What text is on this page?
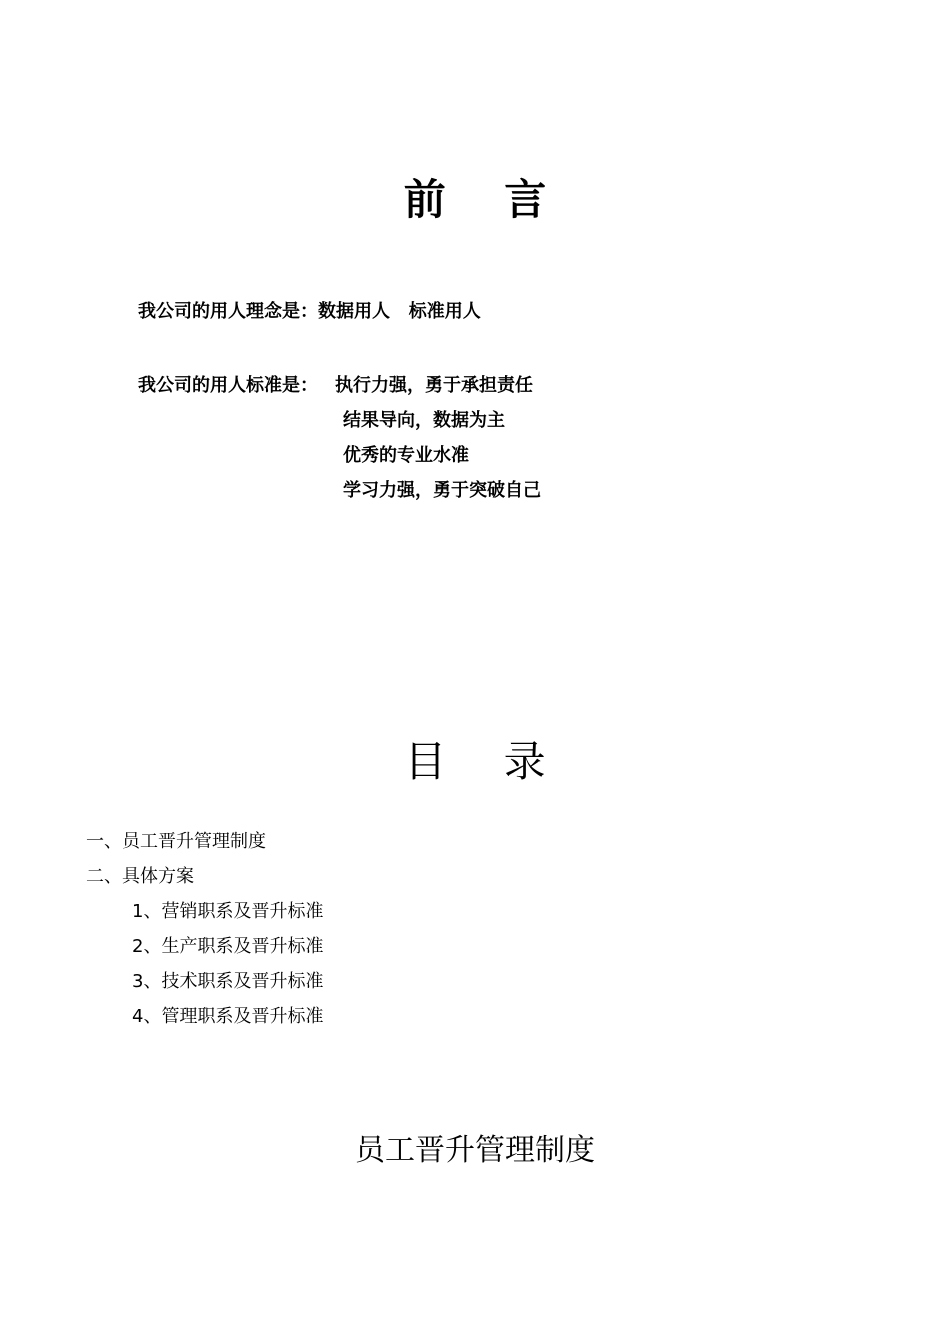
前 言
我公司的用人理念是：数据用人   标准用人
我公司的用人标准是： 执行力强，勇于承担责任
结果导向，数据为主
优秀的专业水准
学习力强，勇于突破自己
目 录
一、员工晋升管理制度
二、具体方案
1、营销职系及晋升标准
2、生产职系及晋升标准
3、技术职系及晋升标准
4、管理职系及晋升标准
员工晋升管理制度
